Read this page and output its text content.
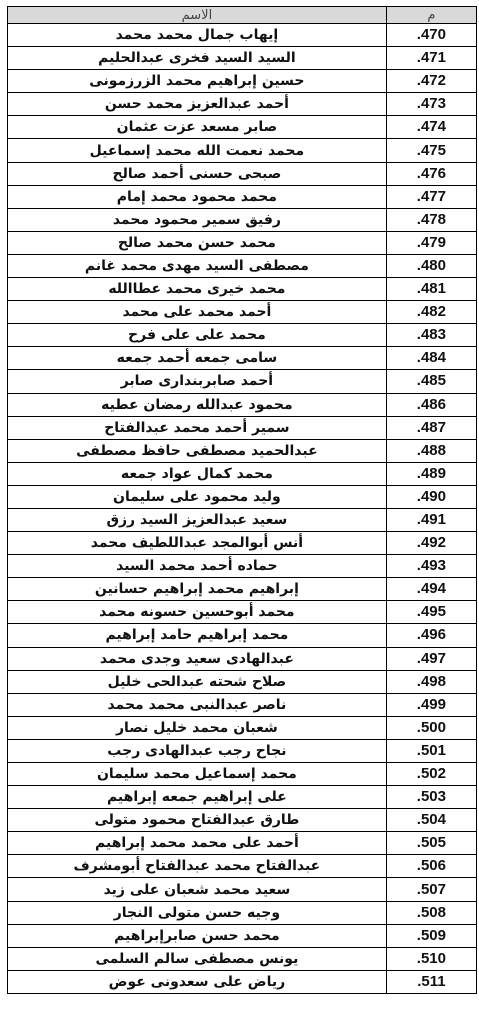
الاسم	م
إيهاب جمال محمد محمد	.470
السيد السيد فخرى عبدالحليم	.471
حسين إبراهيم محمد الزرزمونى	.472
أحمد عبدالعزيز محمد حسن	.473
صابر مسعد عزت عثمان	.474
محمد نعمت الله محمد إسماعيل	.475
صبحى حسنى أحمد صالح	.476
محمد محمود محمد إمام	.477
رفيق سمير محمود محمد	.478
محمد حسن محمد صالح	.479
مصطفى السيد مهدى محمد غانم	.480
محمد خيرى محمد عطاالله	.481
أحمد محمد على محمد	.482
محمد على على فرح	.483
سامى جمعه أحمد جمعه	.484
أحمد صابربندارى صابر	.485
محمود عبدالله رمضان عطيه	.486
سمير أحمد محمد عبدالفتاح	.487
عبدالحميد مصطفى حافظ مصطفى	.488
محمد كمال عواد جمعه	.489
وليد محمود على سليمان	.490
سعيد عبدالعزيز السيد رزق	.491
أنس أبوالمجد عبداللطيف محمد	.492
حماده أحمد محمد السيد	.493
إبراهيم محمد إبراهيم حسانين	.494
محمد أبوحسين حسونه محمد	.495
محمد إبراهيم حامد إبراهيم	.496
عبدالهادى سعيد وجدى محمد	.497
صلاح شحته عبدالحى خليل	.498
ناصر عبدالنبى محمد محمد	.499
شعبان محمد خليل نصار	.500
نجاح رجب عبدالهادى رجب	.501
محمد إسماعيل محمد سليمان	.502
على إبراهيم جمعه إبراهيم	.503
طارق عبدالفتاح محمود متولى	.504
أحمد على محمد محمد إبراهيم	.505
عبدالفتاح محمد عبدالفتاح أبومشرف	.506
سعيد محمد شعبان على زيد	.507
وجيه حسن متولى النجار	.508
محمد حسن صابرإبراهيم	.509
يونس مصطفى سالم السلمى	.510
رياض على سعدونى عوض	.511
